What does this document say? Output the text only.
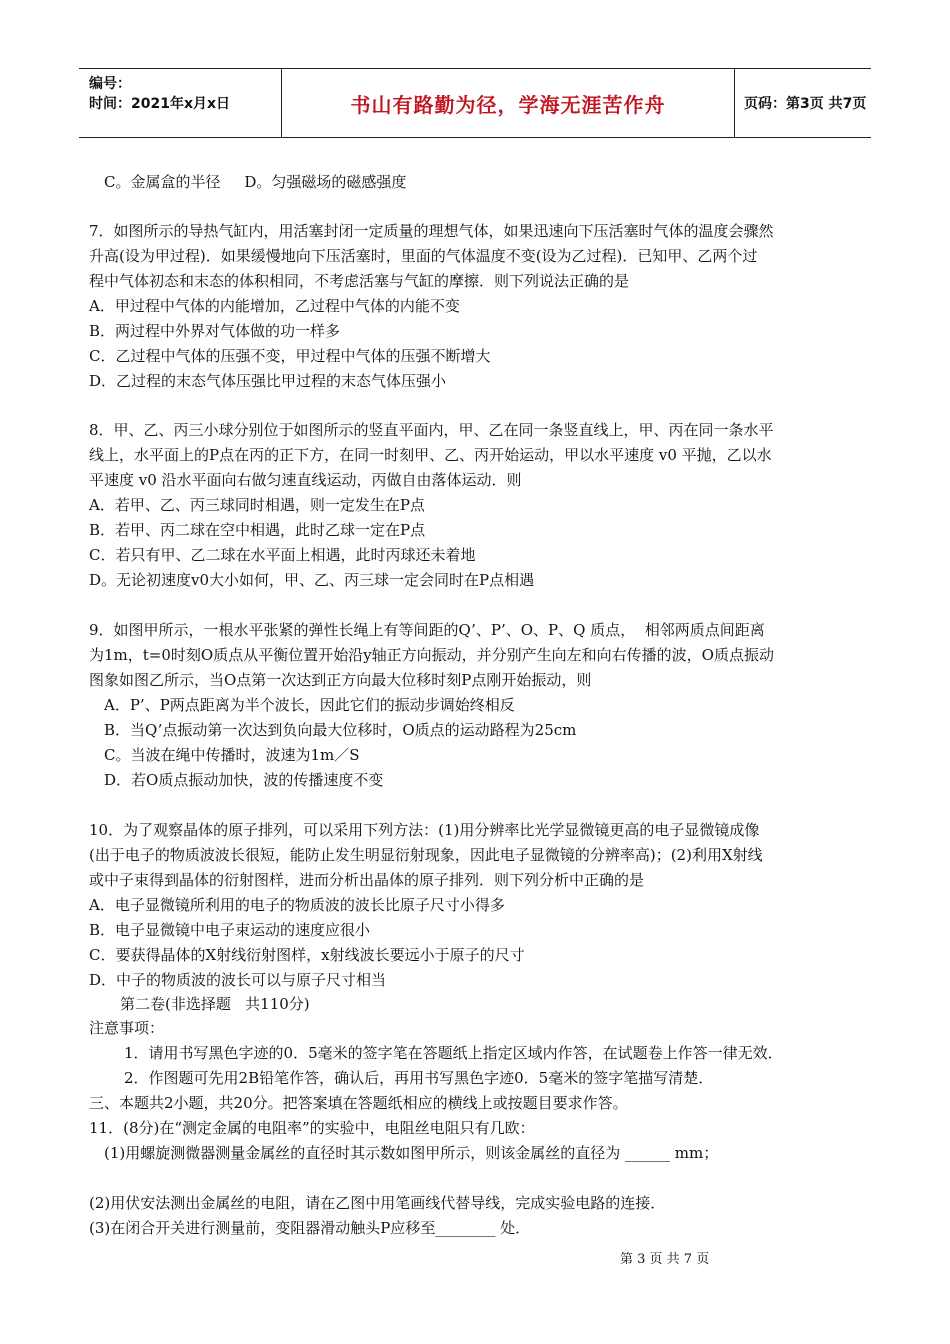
编号：
时间：2021年x月x日	书山有路勤为径，学海无涯苦作舟	页码：第3页 共7页
C。金属盒的半径     D。匀强磁场的磁感强度
7．如图所示的导热气缸内，用活塞封闭一定质量的理想气体，如果迅速向下压活塞时气体的温度会骤然
升高(设为甲过程)．如果缓慢地向下压活塞时，里面的气体温度不变(设为乙过程)．已知甲、乙两个过
程中气体初态和末态的体积相同，不考虑活塞与气缸的摩擦．则下列说法正确的是
A．甲过程中气体的内能增加，乙过程中气体的内能不变
B．两过程中外界对气体做的功一样多
C．乙过程中气体的压强不变，甲过程中气体的压强不断增大
D．乙过程的末态气体压强比甲过程的末态气体压强小
8．甲、乙、丙三小球分别位于如图所示的竖直平面内，甲、乙在同一条竖直线上，甲、丙在同一条水平
线上，水平面上的P点在丙的正下方，在同一时刻甲、乙、丙开始运动，甲以水平速度 v0 平抛，乙以水
平速度 v0 沿水平面向右做匀速直线运动，丙做自由落体运动．则
A．若甲、乙、丙三球同时相遇，则一定发生在P点
B．若甲、丙二球在空中相遇，此时乙球一定在P点
C．若只有甲、乙二球在水平面上相遇，此时丙球还未着地
D。无论初速度v0大小如何，甲、乙、丙三球一定会同时在P点相遇
9．如图甲所示，一根水平张紧的弹性长绳上有等间距的Q’、P’、O、P、Q 质点，  相邻两质点间距离
为1m，t=0时刻O质点从平衡位置开始沿y轴正方向振动，并分别产生向左和向右传播的波，O质点振动
图象如图乙所示，当O点第一次达到正方向最大位移时刻P点刚开始振动，则
A．P’、P两点距离为半个波长，因此它们的振动步调始终相反
B．当Q’点振动第一次达到负向最大位移时，O质点的运动路程为25cm
C。当波在绳中传播时，波速为1m／S
D．若O质点振动加快，波的传播速度不变
10．为了观察晶体的原子排列，可以采用下列方法：(1)用分辨率比光学显微镜更高的电子显微镜成像
(出于电子的物质波波长很短，能防止发生明显衍射现象，因此电子显微镜的分辨率高)；(2)利用X射线
或中子束得到晶体的衍射图样，进而分析出晶体的原子排列．则下列分析中正确的是
A．电子显微镜所利用的电子的物质波的波长比原子尺寸小得多
B．电子显微镜中电子束运动的速度应很小
C．要获得晶体的X射线衍射图样，x射线波长要远小于原子的尺寸
D．中子的物质波的波长可以与原子尺寸相当
第二卷(非选择题   共110分)
注意事项：
1．请用书写黑色字迹的0．5毫米的签字笔在答题纸上指定区域内作答，在试题卷上作答一律无效．
2．作图题可先用2B铅笔作答，确认后，再用书写黑色字迹0．5毫米的签字笔描写清楚．
三、本题共2小题，共20分。把答案填在答题纸相应的横线上或按题目要求作答。
11．(8分)在“测定金属的电阻率”的实验中，电阻丝电阻只有几欧：
(1)用螺旋测微器测量金属丝的直径时其示数如图甲所示，则该金属丝的直径为 ______ mm；
(2)用伏安法测出金属丝的电阻，请在乙图中用笔画线代替导线，完成实验电路的连接．
(3)在闭合开关进行测量前，变阻器滑动触头P应移至________ 处．
第 3 页 共 7 页
